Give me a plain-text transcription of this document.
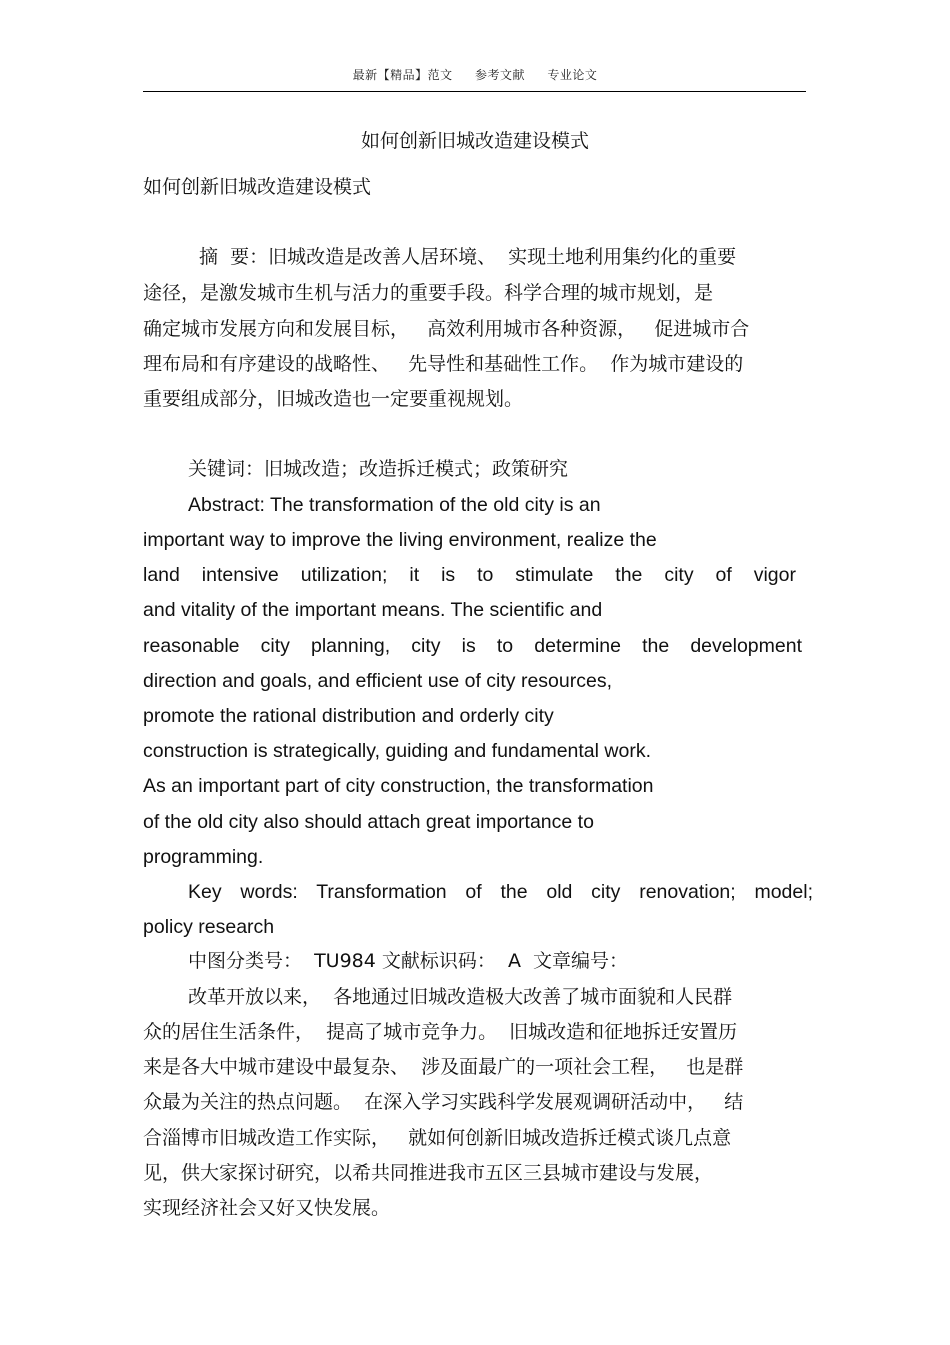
最新【精品】范文 参考文献 专业论文
如何创新旧城改造建设模式
如何创新旧城改造建设模式
摘  要：旧城改造是改善人居环境、  实现土地利用集约化的重要
途径，是激发城市生机与活力的重要手段。科学合理的城市规划，是
确定城市发展方向和发展目标，   高效利用城市各种资源，   促进城市合
理布局和有序建设的战略性、   先导性和基础性工作。  作为城市建设的
重要组成部分，旧城改造也一定要重视规划。
关键词：旧城改造；改造拆迁模式；政策研究
Abstract: The transformation of the old city is an
important way to improve the living environment, realize the
land intensive utilization; it is to stimulate the city of vigor
and vitality of the important means. The scientific and
reasonable city planning, city is to determine the development
direction and goals, and efficient use of city resources,
promote the rational distribution and orderly city
construction is strategically, guiding and fundamental work.
As an important part of city construction, the transformation
of the old city also should attach great importance to
programming.
Key words: Transformation of the old city renovation; model;
policy research
中图分类号：  TU984 文献标识码：  A  文章编号：
改革开放以来，  各地通过旧城改造极大改善了城市面貌和人民群
众的居住生活条件，  提高了城市竞争力。  旧城改造和征地拆迁安置历
来是各大中城市建设中最复杂、  涉及面最广的一项社会工程，   也是群
众最为关注的热点问题。  在深入学习实践科学发展观调研活动中，   结
合淄博市旧城改造工作实际，   就如何创新旧城改造拆迁模式谈几点意
见，供大家探讨研究，以希共同推进我市五区三县城市建设与发展，
实现经济社会又好又快发展。
